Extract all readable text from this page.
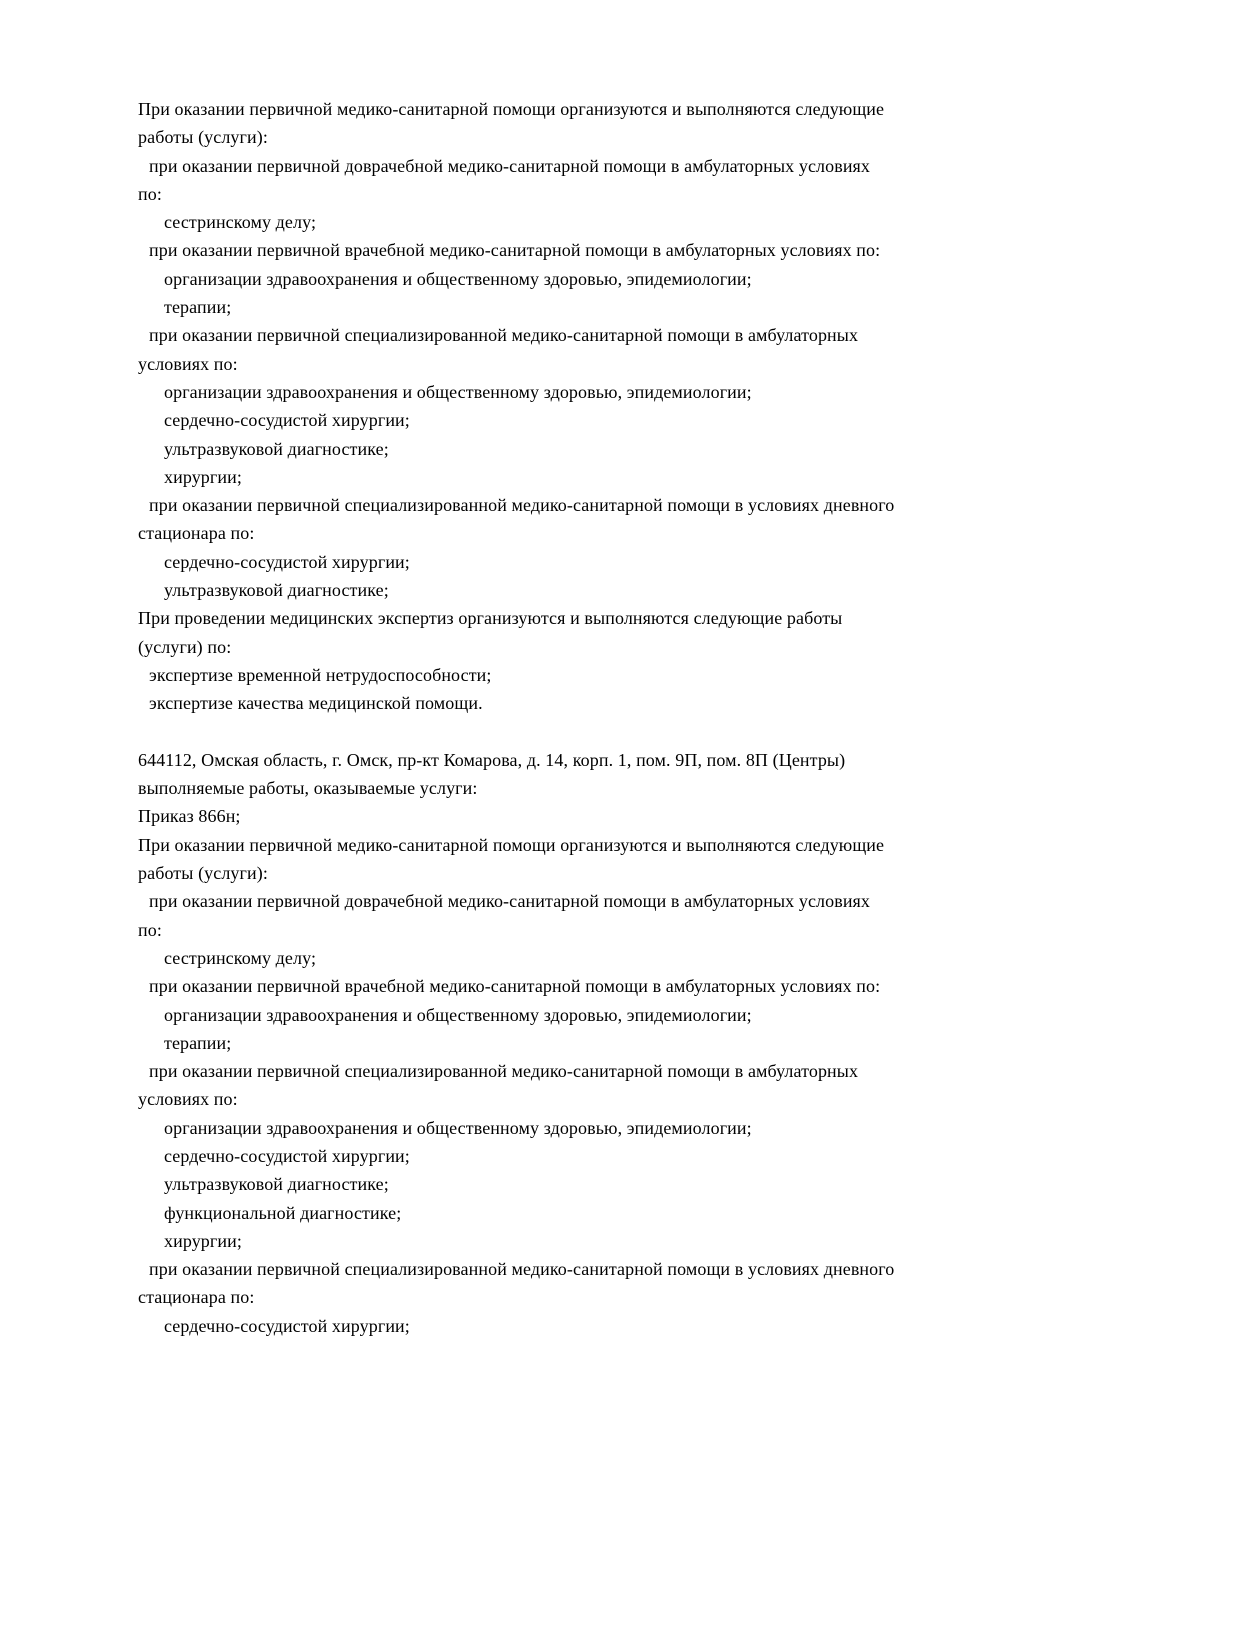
При оказании первичной медико-санитарной помощи организуются и выполняются следующие
работы (услуги):
при оказании первичной доврачебной медико-санитарной помощи в амбулаторных условиях
по:
сестринскому делу;
при оказании первичной врачебной медико-санитарной помощи в амбулаторных условиях по:
организации здравоохранения и общественному здоровью, эпидемиологии;
терапии;
при оказании первичной специализированной медико-санитарной помощи в амбулаторных
условиях по:
организации здравоохранения и общественному здоровью, эпидемиологии;
сердечно-сосудистой хирургии;
ультразвуковой диагностике;
хирургии;
при оказании первичной специализированной медико-санитарной помощи в условиях дневного
стационара по:
сердечно-сосудистой хирургии;
ультразвуковой диагностике;
При проведении медицинских экспертиз организуются и выполняются следующие работы
(услуги) по:
экспертизе временной нетрудоспособности;
экспертизе качества медицинской помощи.

644112, Омская область, г. Омск, пр-кт Комарова, д. 14, корп. 1, пом. 9П, пом. 8П (Центры)
выполняемые работы, оказываемые услуги:
Приказ 866н;
При оказании первичной медико-санитарной помощи организуются и выполняются следующие
работы (услуги):
при оказании первичной доврачебной медико-санитарной помощи в амбулаторных условиях
по:
сестринскому делу;
при оказании первичной врачебной медико-санитарной помощи в амбулаторных условиях по:
организации здравоохранения и общественному здоровью, эпидемиологии;
терапии;
при оказании первичной специализированной медико-санитарной помощи в амбулаторных
условиях по:
организации здравоохранения и общественному здоровью, эпидемиологии;
сердечно-сосудистой хирургии;
ультразвуковой диагностике;
функциональной диагностике;
хирургии;
при оказании первичной специализированной медико-санитарной помощи в условиях дневного
стационара по:
сердечно-сосудистой хирургии;
